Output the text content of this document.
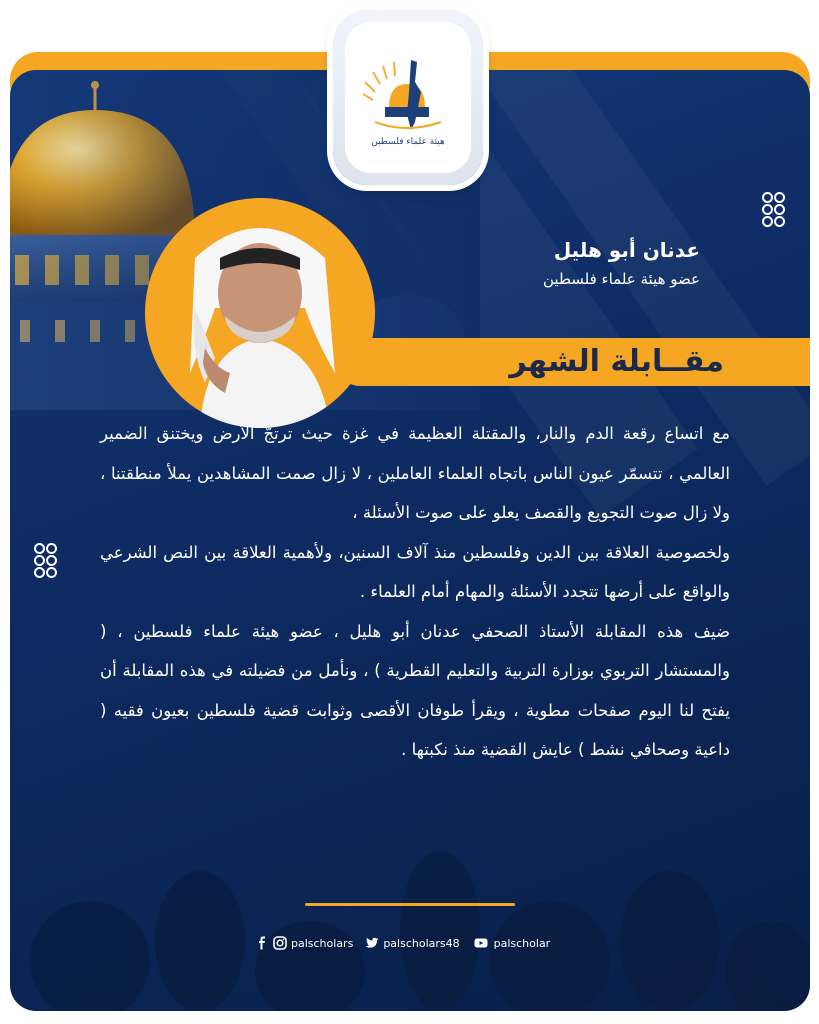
عدنان أبو هليل
عضو هيئة علماء فلسطين
مقــابلة الشهر
هيئة علماء فلسطين

مع اتساع رقعة الدم والنار، والمقتلة العظيمة في غزة حيث ترتجّ الأرض ويختنق الضمير العالمي ، تتسمّر عيون الناس باتجاه العلماء العاملين ، لا زال صمت المشاهدين يملأ منطقتنا ، ولا زال صوت التجويع والقصف يعلو على صوت الأسئلة ،

ولخصوصية العلاقة بين الدين وفلسطين منذ آلاف السنين، ولأهمية العلاقة بين النص الشرعي والواقع على أرضها تتجدد الأسئلة والمهام أمام العلماء .

ضيف هذه المقابلة الأستاذ الصحفي عدنان أبو هليل ، عضو هيئة علماء فلسطين ، ( والمستشار التربوي بوزارة التربية والتعليم القطرية ) ، ونأمل من فضيلته في هذه المقابلة أن يفتح لنا اليوم صفحات مطوية ، ويقرأ طوفان الأقصى وثوابت قضية فلسطين بعيون فقيه ( داعية وصحافي نشط ) عايش القضية منذ نكبتها .

palscholars	palscholars48	palscholar
